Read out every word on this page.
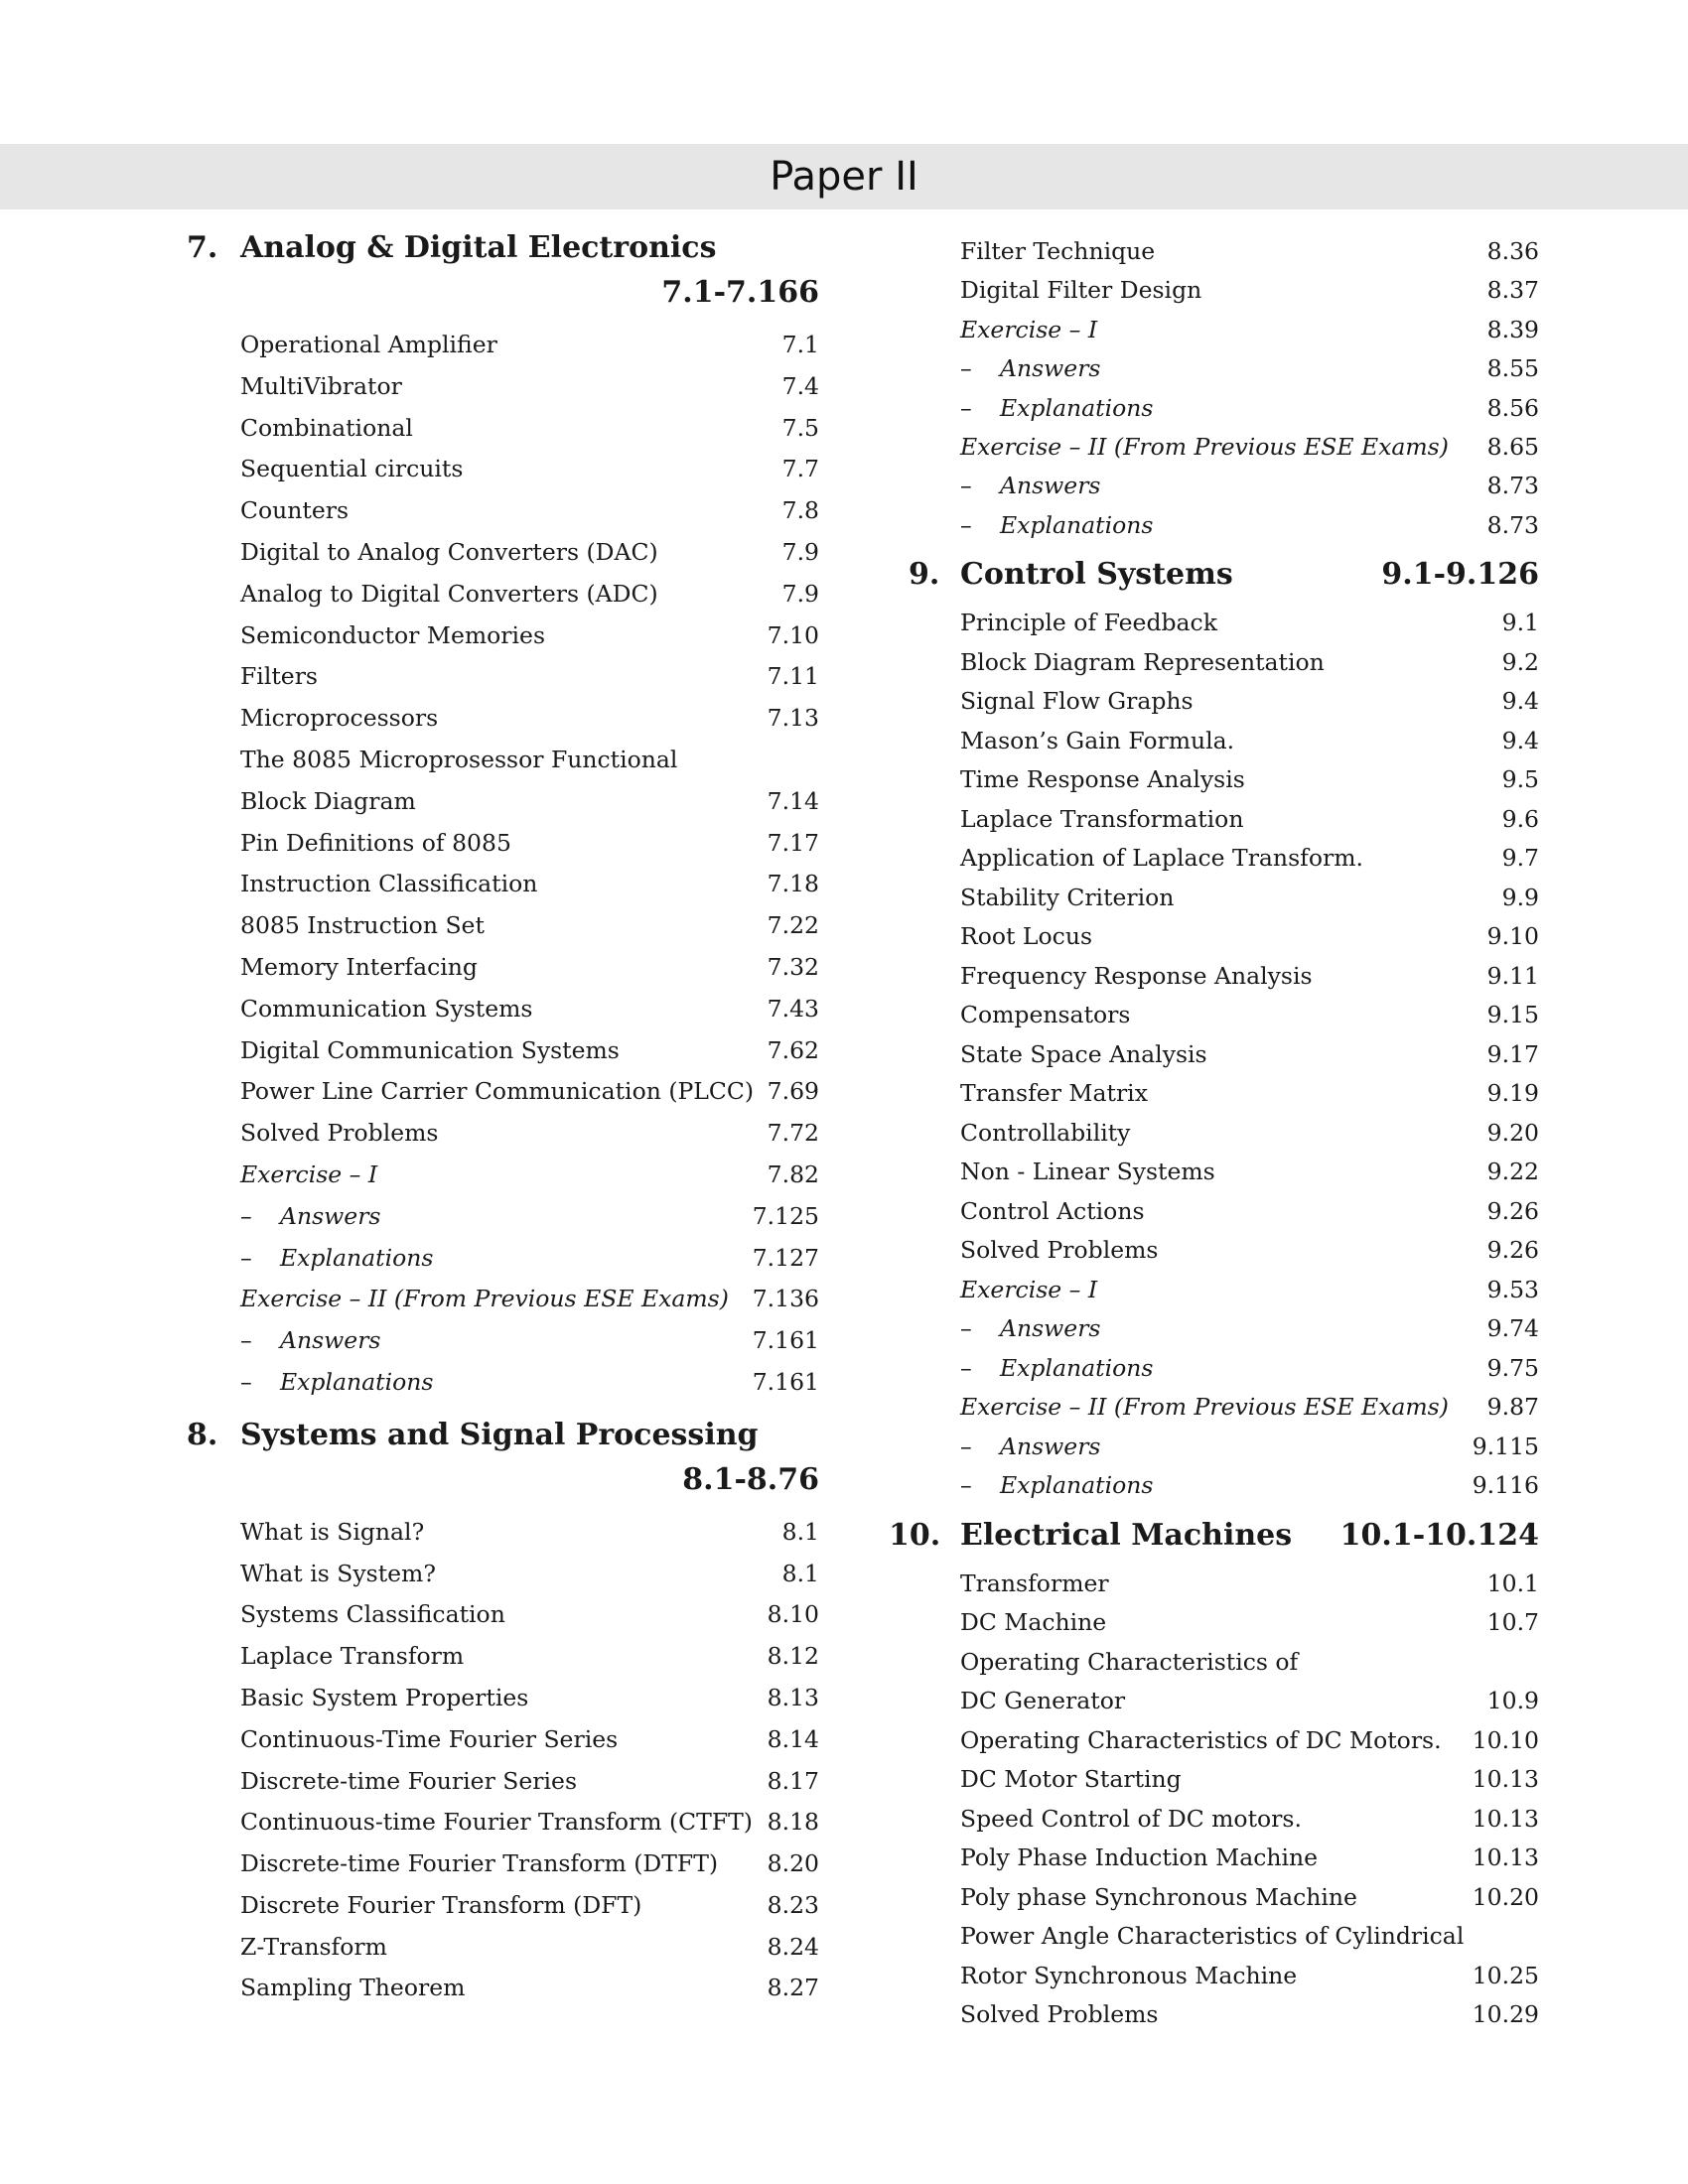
Paper II
7. Analog & Digital Electronics
7.1-7.166
Operational Amplifier	7.1
MultiVibrator	7.4
Combinational	7.5
Sequential circuits	7.7
Counters	7.8
Digital to Analog Converters (DAC)	7.9
Analog to Digital Converters (ADC)	7.9
Semiconductor Memories	7.10
Filters	7.11
Microprocessors	7.13
The 8085 Microprosessor Functional
Block Diagram	7.14
Pin Definitions of 8085	7.17
Instruction Classification	7.18
8085 Instruction Set	7.22
Memory Interfacing	7.32
Communication Systems	7.43
Digital Communication Systems	7.62
Power Line Carrier Communication (PLCC) 7.69
Solved Problems	7.72
Exercise – I	7.82
– Answers	7.125
– Explanations	7.127
Exercise – II (From Previous ESE Exams) 7.136
– Answers	7.161
– Explanations	7.161
8. Systems and Signal Processing
8.1-8.76
What is Signal?	8.1
What is System?	8.1
Systems Classification	8.10
Laplace Transform	8.12
Basic System Properties	8.13
Continuous-Time Fourier Series	8.14
Discrete-time Fourier Series	8.17
Continuous-time Fourier Transform (CTFT) 8.18
Discrete-time Fourier Transform (DTFT) 8.20
Discrete Fourier Transform (DFT)	8.23
Z-Transform	8.24
Sampling Theorem	8.27
Filter Technique	8.36
Digital Filter Design	8.37
Exercise – I	8.39
– Answers	8.55
– Explanations	8.56
Exercise – II (From Previous ESE Exams) 8.65
– Answers	8.73
– Explanations	8.73
9. Control Systems	9.1-9.126
Principle of Feedback	9.1
Block Diagram Representation	9.2
Signal Flow Graphs	9.4
Mason’s Gain Formula.	9.4
Time Response Analysis	9.5
Laplace Transformation	9.6
Application of Laplace Transform.	9.7
Stability Criterion	9.9
Root Locus	9.10
Frequency Response Analysis	9.11
Compensators	9.15
State Space Analysis	9.17
Transfer Matrix	9.19
Controllability	9.20
Non - Linear Systems	9.22
Control Actions	9.26
Solved Problems	9.26
Exercise – I	9.53
– Answers	9.74
– Explanations	9.75
Exercise – II (From Previous ESE Exams) 9.87
– Answers	9.115
– Explanations	9.116
10. Electrical Machines 10.1-10.124
Transformer	10.1
DC Machine	10.7
Operating Characteristics of
DC Generator	10.9
Operating Characteristics of DC Motors. 10.10
DC Motor Starting	10.13
Speed Control of DC motors.	10.13
Poly Phase Induction Machine	10.13
Poly phase Synchronous Machine	10.20
Power Angle Characteristics of Cylindrical
Rotor Synchronous Machine	10.25
Solved Problems	10.29
